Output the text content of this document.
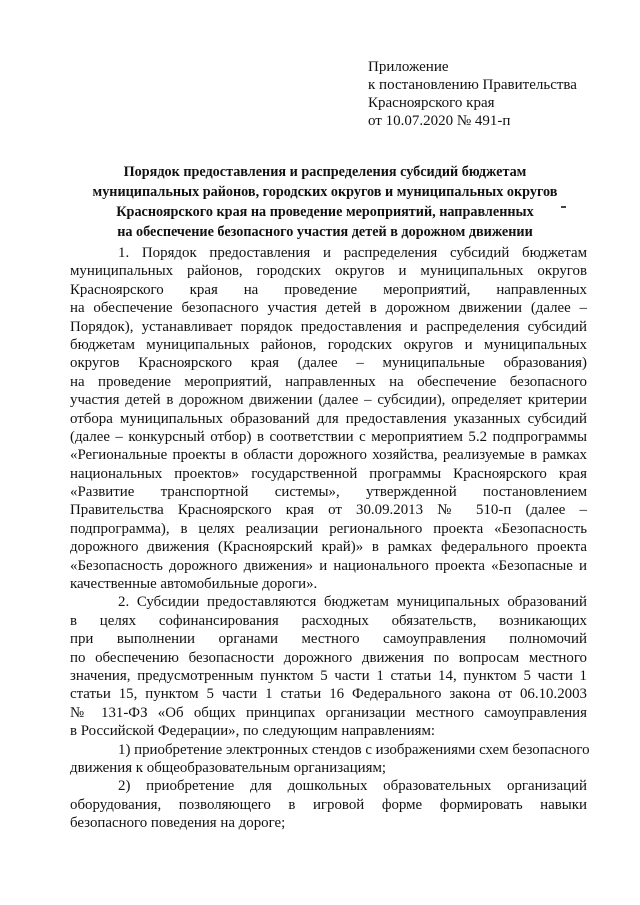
Приложение
к постановлению Правительства
Красноярского края
от 10.07.2020 № 491-п
Порядок предоставления и распределения субсидий бюджетам
муниципальных районов, городских округов и муниципальных округов
Красноярского края на проведение мероприятий, направленных
на обеспечение безопасного участия детей в дорожном движении
1. Порядок предоставления и распределения субсидий бюджетам
муниципальных районов, городских округов и муниципальных округов
Красноярского края на проведение мероприятий, направленных
на обеспечение безопасного участия детей в дорожном движении (далее –
Порядок), устанавливает порядок предоставления и распределения субсидий
бюджетам муниципальных районов, городских округов и муниципальных
округов Красноярского края (далее – муниципальные образования)
на проведение мероприятий, направленных на обеспечение безопасного
участия детей в дорожном движении (далее – субсидии), определяет критерии
отбора муниципальных образований для предоставления указанных субсидий
(далее – конкурсный отбор) в соответствии с мероприятием 5.2 подпрограммы
«Региональные проекты в области дорожного хозяйства, реализуемые в рамках
национальных проектов» государственной программы Красноярского края
«Развитие транспортной системы», утвержденной постановлением
Правительства Красноярского края от 30.09.2013 № 510-п (далее –
подпрограмма), в целях реализации регионального проекта «Безопасность
дорожного движения (Красноярский край)» в рамках федерального проекта
«Безопасность дорожного движения» и национального проекта «Безопасные и
качественные автомобильные дороги».
2. Субсидии предоставляются бюджетам муниципальных образований
в целях софинансирования расходных обязательств, возникающих
при выполнении органами местного самоуправления полномочий
по обеспечению безопасности дорожного движения по вопросам местного
значения, предусмотренным пунктом 5 части 1 статьи 14, пунктом 5 части 1
статьи 15, пунктом 5 части 1 статьи 16 Федерального закона от 06.10.2003
№ 131-ФЗ «Об общих принципах организации местного самоуправления
в Российской Федерации», по следующим направлениям:
1) приобретение электронных стендов с изображениями схем безопасного
движения к общеобразовательным организациям;
2) приобретение для дошкольных образовательных организаций
оборудования, позволяющего в игровой форме формировать навыки
безопасного поведения на дороге;
